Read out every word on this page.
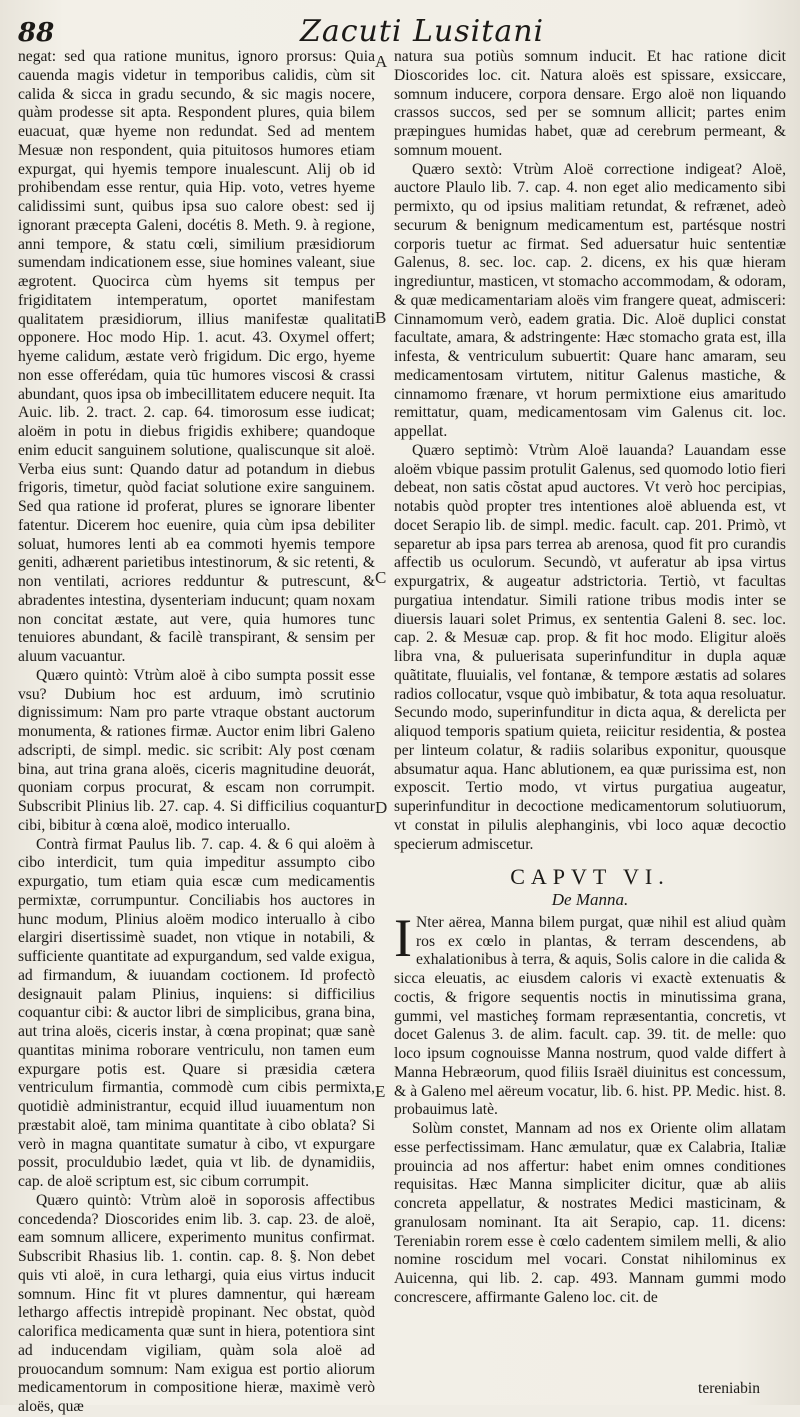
88	Zacuti Lusitani

negat: sed qua ratione munitus, ignoro prorsus: Quia cauenda magis videtur in temporibus calidis, cùm sit calida & sicca in gradu secundo, & sic magis nocere, quàm prodesse sit apta. Respondent plures, quia bilem euacuat, quæ hyeme non redundat. Sed ad mentem Mesuæ non respondent, quia pituitosos humores etiam expurgat, qui hyemis tempore inualescunt. Alij ob id prohibendam esse rentur, quia Hip. voto, vetres hyeme calidissimi sunt, quibus ipsa suo calore obest: sed ij ignorant præcepta Galeni, docétis 8. Meth. 9. à regione, anni tempore, & statu cœli, similium præsidiorum sumendam indicationem esse, siue homines valeant, siue ægrotent. Quocirca cùm hyems sit tempus per frigiditatem intemperatum, oportet manifestam qualitatem præsidiorum, illius manifestæ qualitati opponere. Hoc modo Hip. 1. acut. 43. Oxymel offert; hyeme calidum, æstate verò frigidum. Dic ergo, hyeme non esse offerédam, quia tūc humores viscosi & crassi abundant, quos ipsa ob imbecillitatem educere nequit. Ita Auic. lib. 2. tract. 2. cap. 64. timorosum esse iudicat; aloëm in potu in diebus frigidis exhibere; quandoque enim educit sanguinem solutione, qualiscunque sit aloë. Verba eius sunt: Quando datur ad potandum in diebus frigoris, timetur, quòd faciat solutione exire sanguinem. Sed qua ratione id proferat, plures se ignorare libenter fatentur. Dicerem hoc euenire, quia cùm ipsa debiliter soluat, humores lenti ab ea commoti hyemis tempore geniti, adhærent parietibus intestinorum, & sic retenti, & non ventilati, acriores redduntur & putrescunt, & abradentes intestina, dysenteriam inducunt; quam noxam non concitat æstate, aut vere, quia humores tunc tenuiores abundant, & facilè transpirant, & sensim per aluum vacuantur.

Quæro quintò: Vtrùm aloë à cibo sumpta possit esse vsu? Dubium hoc est arduum, imò scrutinio dignissimum: Nam pro parte vtraque obstant auctorum monumenta, & rationes firmæ. Auctor enim libri Galeno adscripti, de simpl. medic. sic scribit: Aly post cœnam bina, aut trina grana aloës, ciceris magnitudine deuorát, quoniam corpus procurat, & escam non corrumpit. Subscribit Plinius lib. 27. cap. 4. Si difficilius coquantur cibi, bibitur à cœna aloë, modico interuallo.

Contrà firmat Paulus lib. 7. cap. 4. & 6 qui aloëm à cibo interdicit, tum quia impeditur assumpto cibo expurgatio, tum etiam quia escæ cum medicamentis permixtæ, corrumpuntur. Conciliabis hos auctores in hunc modum, Plinius aloëm modico interuallo à cibo elargiri disertissimè suadet, non vtique in notabili, & sufficiente quantitate ad expurgandum, sed valde exigua, ad firmandum, & iuuandam coctionem. Id profectò designauit palam Plinius, inquiens: si difficilius coquantur cibi: & auctor libri de simplicibus, grana bina, aut trina aloës, ciceris instar, à cœna propinat; quæ sanè quantitas minima roborare ventriculu, non tamen eum expurgare potis est. Quare si præsidia cætera ventriculum firmantia, commodè cum cibis permixta, quotidiè administrantur, ecquid illud iuuamentum non præstabit aloë, tam minima quantitate à cibo oblata? Si verò in magna quantitate sumatur à cibo, vt expurgare possit, proculdubio lædet, quia vt lib. de dynamidiis, cap. de aloë scriptum est, sic cibum corrumpit.

Quæro quintò: Vtrùm aloë in soporosis affectibus concedenda? Dioscorides enim lib. 3. cap. 23. de aloë, eam somnum allicere, experimento munitus confirmat. Subscribit Rhasius lib. 1. contin. cap. 8. §. Non debet quis vti aloë, in cura lethargi, quia eius virtus inducit somnum. Hinc fit vt plures damnentur, qui hæream lethargo affectis intrepidè propinant. Nec obstat, quòd calorifica medicamenta quæ sunt in hiera, potentiora sint ad inducendam vigiliam, quàm sola aloë ad prouocandum somnum: Nam exigua est portio aliorum medicamentorum in compositione hieræ, maximè verò aloës, quæ

A
B
C
D
E

natura sua potiùs somnum inducit. Et hac ratione dicit Dioscorides loc. cit. Natura aloës est spissare, exsiccare, somnum inducere, corpora densare. Ergo aloë non liquando crassos succos, sed per se somnum allicit; partes enim præpingues humidas habet, quæ ad cerebrum permeant, & somnum mouent.

Quæro sextò: Vtrùm Aloë correctione indigeat? Aloë, auctore Plaulo lib. 7. cap. 4. non eget alio medicamento sibi permixto, qu od ipsius malitiam retundat, & refrænet, adeò securum & benignum medicamentum est, partésque nostri corporis tuetur ac firmat. Sed aduersatur huic sententiæ Galenus, 8. sec. loc. cap. 2. dicens, ex his quæ hieram ingrediuntur, masticen, vt stomacho accommodam, & odoram, & quæ medicamentariam aloës vim frangere queat, admisceri: Cinnamomum verò, eadem gratia. Dic. Aloë duplici constat facultate, amara, & adstringente: Hæc stomacho grata est, illa infesta, & ventriculum subuertit: Quare hanc amaram, seu medicamentosam virtutem, nititur Galenus mastiche, & cinnamomo frænare, vt horum permixtione eius amaritudo remittatur, quam, medicamentosam vim Galenus cit. loc. appellat.

Quæro septimò: Vtrùm Aloë lauanda? Lauandam esse aloëm vbique passim protulit Galenus, sed quomodo lotio fieri debeat, non satis cõstat apud auctores. Vt verò hoc percipias, notabis quòd propter tres intentiones aloë abluenda est, vt docet Serapio lib. de simpl. medic. facult. cap. 201. Primò, vt separetur ab ipsa pars terrea ab arenosa, quod fit pro curandis affectib us oculorum. Secundò, vt auferatur ab ipsa virtus expurgatrix, & augeatur adstrictoria. Tertiò, vt facultas purgatiua intendatur. Simili ratione tribus modis inter se diuersis lauari solet Primus, ex sententia Galeni 8. sec. loc. cap. 2. & Mesuæ cap. prop. & fit hoc modo. Eligitur aloës libra vna, & puluerisata superinfunditur in dupla aquæ quãtitate, fluuialis, vel fontanæ, & tempore æstatis ad solares radios collocatur, vsque quò imbibatur, & tota aqua resoluatur. Secundo modo, superinfunditur in dicta aqua, & derelicta per aliquod temporis spatium quieta, reiicitur residentia, & postea per linteum colatur, & radiis solaribus exponitur, quousque absumatur aqua. Hanc ablutionem, ea quæ purissima est, non exposcit. Tertio modo, vt virtus purgatiua augeatur, superinfunditur in decoctione medicamentorum solutiuorum, vt constat in pilulis alephanginis, vbi loco aquæ decoctio specierum admiscetur.

CAPVT VI.
De Manna.

I Nter aërea, Manna bilem purgat, quæ nihil est aliud quàm ros ex cœlo in plantas, & terram descendens, ab exhalationibus à terra, & aquis, Solis calore in die calida & sicca eleuatis, ac eiusdem caloris vi exactè extenuatis & coctis, & frigore sequentis noctis in minutissima grana, gummi, vel masticheş formam repræsentantia, concretis, vt docet Galenus 3. de alim. facult. cap. 39. tit. de melle: quo loco ipsum cognouisse Manna nostrum, quod valde differt à Manna Hebræorum, quod filiis Israël diuinitus est concessum, & à Galeno mel aëreum vocatur, lib. 6. hist. PP. Medic. hist. 8. probauimus latè.

Solùm constet, Mannam ad nos ex Oriente olim allatam esse perfectissimam. Hanc æmulatur, quæ ex Calabria, Italiæ prouincia ad nos affertur: habet enim omnes conditiones requisitas. Hæc Manna simpliciter dicitur, quæ ab aliis concreta appellatur, & nostrates Medici masticinam, & granulosam nominant. Ita ait Serapio, cap. 11. dicens: Tereniabin rorem esse è cœlo cadentem similem melli, & alio nomine roscidum mel vocari. Constat nihilominus ex Auicenna, qui lib. 2. cap. 493. Mannam gummi modo concrescere, affirmante Galeno loc. cit. de

tereniabin
